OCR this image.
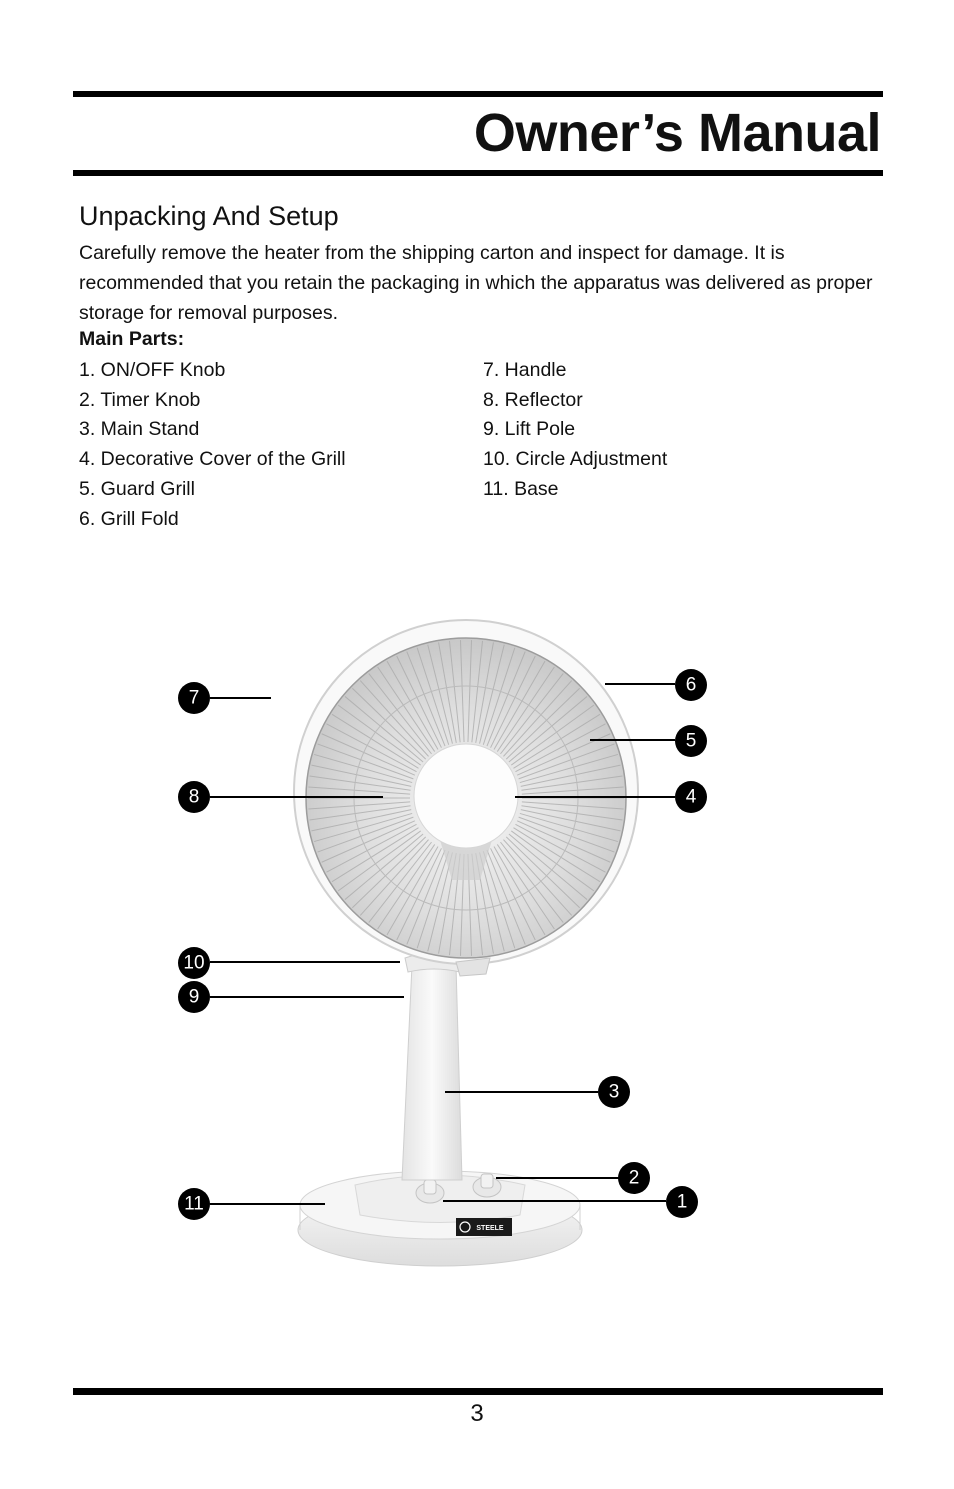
Owner’s Manual
Unpacking And Setup

Carefully remove the heater from the shipping carton and inspect for damage. It is recommended that you retain the packaging in which the apparatus was delivered as proper storage for removal purposes.

Main Parts:
1. ON/OFF Knob
2. Timer Knob
3. Main Stand
4. Decorative Cover of the Grill
5. Guard Grill
6. Grill Fold
7. Handle
8. Reflector
9. Lift Pole
10. Circle Adjustment
11. Base
STEELE
7
8
10
9
11
6
5
4
3
2
1
3
